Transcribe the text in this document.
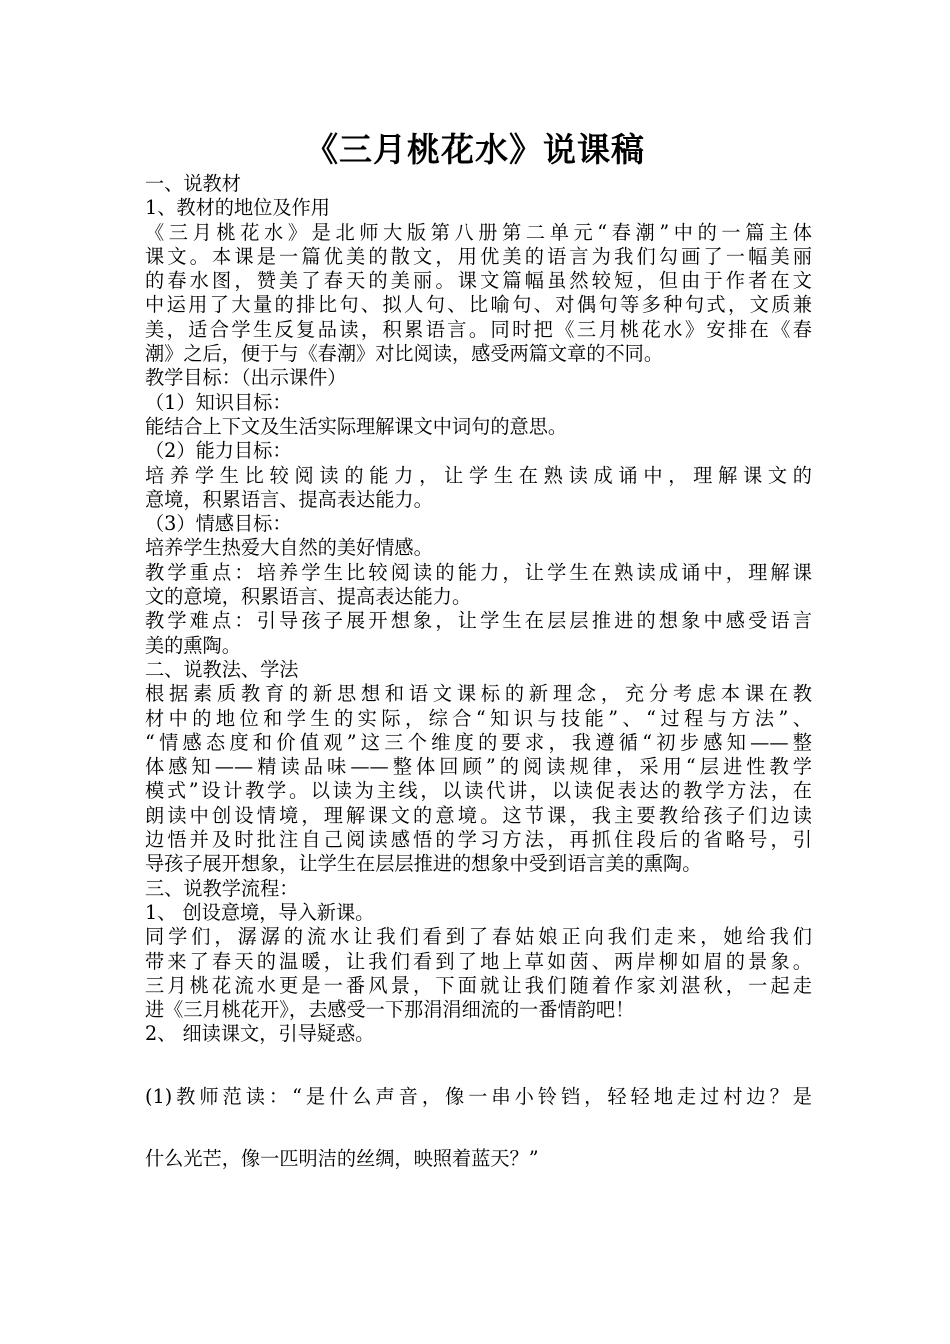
《三月桃花水》说课稿
一、说教材
1、教材的地位及作用
《三月桃花水》是北师大版第八册第二单元“春潮”中的一篇主体
课文。本课是一篇优美的散文，用优美的语言为我们勾画了一幅美丽
的春水图，赞美了春天的美丽。课文篇幅虽然较短，但由于作者在文
中运用了大量的排比句、拟人句、比喻句、对偶句等多种句式，文质兼
美，适合学生反复品读，积累语言。同时把《三月桃花水》安排在《春
潮》之后，便于与《春潮》对比阅读，感受两篇文章的不同。
教学目标：（出示课件）
（1）知识目标：
能结合上下文及生活实际理解课文中词句的意思。
（2）能力目标：
培养学生比较阅读的能力，让学生在熟读成诵中，理解课文的
意境，积累语言、提高表达能力。
（3）情感目标：
培养学生热爱大自然的美好情感。
教学重点：培养学生比较阅读的能力，让学生在熟读成诵中，理解课
文的意境，积累语言、提高表达能力。
教学难点：引导孩子展开想象，让学生在层层推进的想象中感受语言
美的熏陶。
二、说教法、学法
根据素质教育的新思想和语文课标的新理念，充分考虑本课在教
材中的地位和学生的实际，综合“知识与技能”、“过程与方法”、
“情感态度和价值观”这三个维度的要求，我遵循“初步感知——整
体感知——精读品味——整体回顾”的阅读规律，采用“层进性教学
模式”设计教学。以读为主线，以读代讲，以读促表达的教学方法，在
朗读中创设情境，理解课文的意境。这节课，我主要教给孩子们边读
边悟并及时批注自己阅读感悟的学习方法，再抓住段后的省略号，引
导孩子展开想象，让学生在层层推进的想象中受到语言美的熏陶。
三、说教学流程：
1、 创设意境，导入新课。
同学们，潺潺的流水让我们看到了春姑娘正向我们走来，她给我们
带来了春天的温暖，让我们看到了地上草如茵、两岸柳如眉的景象。
三月桃花流水更是一番风景，下面就让我们随着作家刘湛秋，一起走
进《三月桃花开》，去感受一下那涓涓细流的一番情韵吧！
2、 细读课文，引导疑惑。
(1)教师范读：“是什么声音，像一串小铃铛，轻轻地走过村边？是
什么光芒，像一匹明洁的丝绸，映照着蓝天？”
